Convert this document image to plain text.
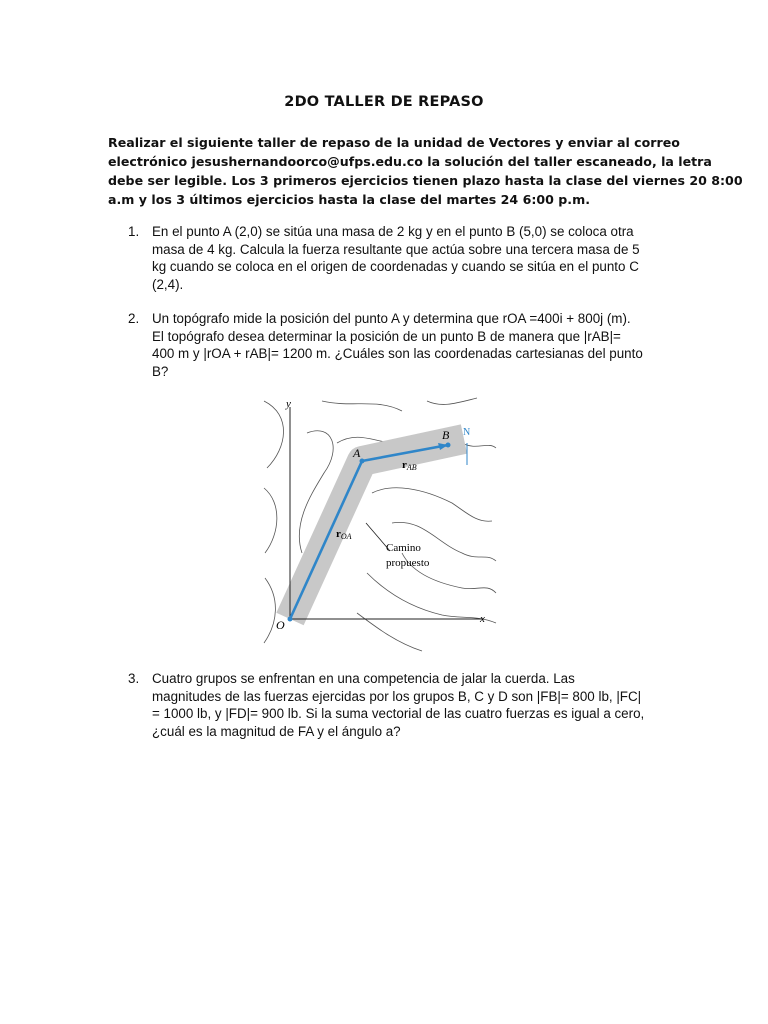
2DO TALLER DE REPASO
Realizar el siguiente taller de repaso de la unidad de Vectores y enviar al correo
electrónico jesushernandoorco@ufps.edu.co la solución del taller escaneado, la letra
debe ser legible. Los 3 primeros ejercicios tienen plazo hasta la clase del viernes 20 8:00
a.m y los 3 últimos ejercicios hasta la clase del martes 24 6:00 p.m.
1. En el punto A (2,0) se sitúa una masa de 2 kg y en el punto B (5,0) se coloca otra
masa de 4 kg. Calcula la fuerza resultante que actúa sobre una tercera masa de 5
kg cuando se coloca en el origen de coordenadas y cuando se sitúa en el punto C
(2,4).
2. Un topógrafo mide la posición del punto A y determina que rOA =400i + 800j (m).
El topógrafo desea determinar la posición de un punto B de manera que |rAB|=
400 m y |rOA + rAB|= 1200 m. ¿Cuáles son las coordenadas cartesianas del punto
B?
y
x
O
A
B
rAB
rOA
N
Camino
propuesto
3. Cuatro grupos se enfrentan en una competencia de jalar la cuerda. Las
magnitudes de las fuerzas ejercidas por los grupos B, C y D son |FB|= 800 lb, |FC|
= 1000 lb, y |FD|= 900 lb. Si la suma vectorial de las cuatro fuerzas es igual a cero,
¿cuál es la magnitud de FA y el ángulo a?
